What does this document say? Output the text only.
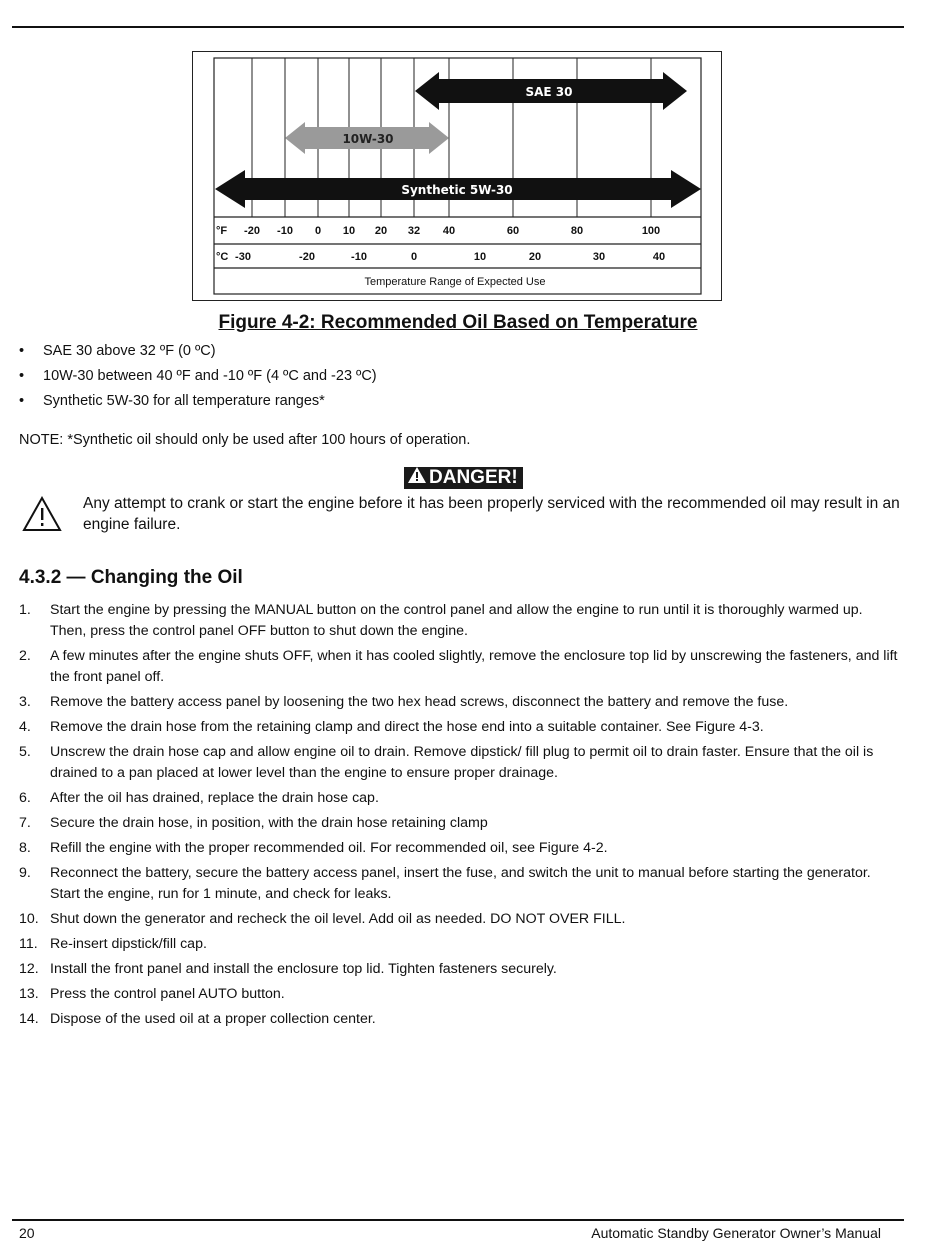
SAE 30
10W-30
Synthetic 5W-30
°F -20 -10 0 10 20 32 40	60	80	100
°C -30	-20	-10	0	10	20	30	40
Temperature Range of Expected Use
Figure 4-2: Recommended Oil Based on Temperature
•	SAE 30 above 32 ºF (0 ºC)
•	10W-30 between 40 ºF and -10 ºF (4 ºC and -23 ºC)
•	Synthetic 5W-30 for all temperature ranges*
NOTE: *Synthetic oil should only be used after 100 hours of operation.
DANGER!
Any attempt to crank or start the engine before it has been properly serviced with the recommended oil may result in an engine failure.
4.3.2 — Changing the Oil
1.	Start the engine by pressing the MANUAL button on the control panel and allow the engine to run until it is thoroughly warmed up. Then, press the control panel OFF button to shut down the engine.
2.	A few minutes after the engine shuts OFF, when it has cooled slightly, remove the enclosure top lid by unscrewing the fasteners, and lift the front panel off.
3.	Remove the battery access panel by loosening the two hex head screws, disconnect the battery and remove the fuse.
4.	Remove the drain hose from the retaining clamp and direct the hose end into a suitable container. See Figure 4-3.
5.	Unscrew the drain hose cap and allow engine oil to drain. Remove dipstick/ fill plug to permit oil to drain faster. Ensure that the oil is drained to a pan placed at lower level than the engine to ensure proper drainage.
6.	After the oil has drained, replace the drain hose cap.
7.	Secure the drain hose, in position, with the drain hose retaining clamp
8.	Refill the engine with the proper recommended oil. For recommended oil, see Figure 4-2.
9.	Reconnect the battery, secure the battery access panel, insert the fuse, and switch the unit to manual before starting the generator. Start the engine, run for 1 minute, and check for leaks.
10. Shut down the generator and recheck the oil level. Add oil as needed. DO NOT OVER FILL.
11. Re-insert dipstick/fill cap.
12. Install the front panel and install the enclosure top lid. Tighten fasteners securely.
13. Press the control panel AUTO button.
14. Dispose of the used oil at a proper collection center.
20	Automatic Standby Generator Owner’s Manual
